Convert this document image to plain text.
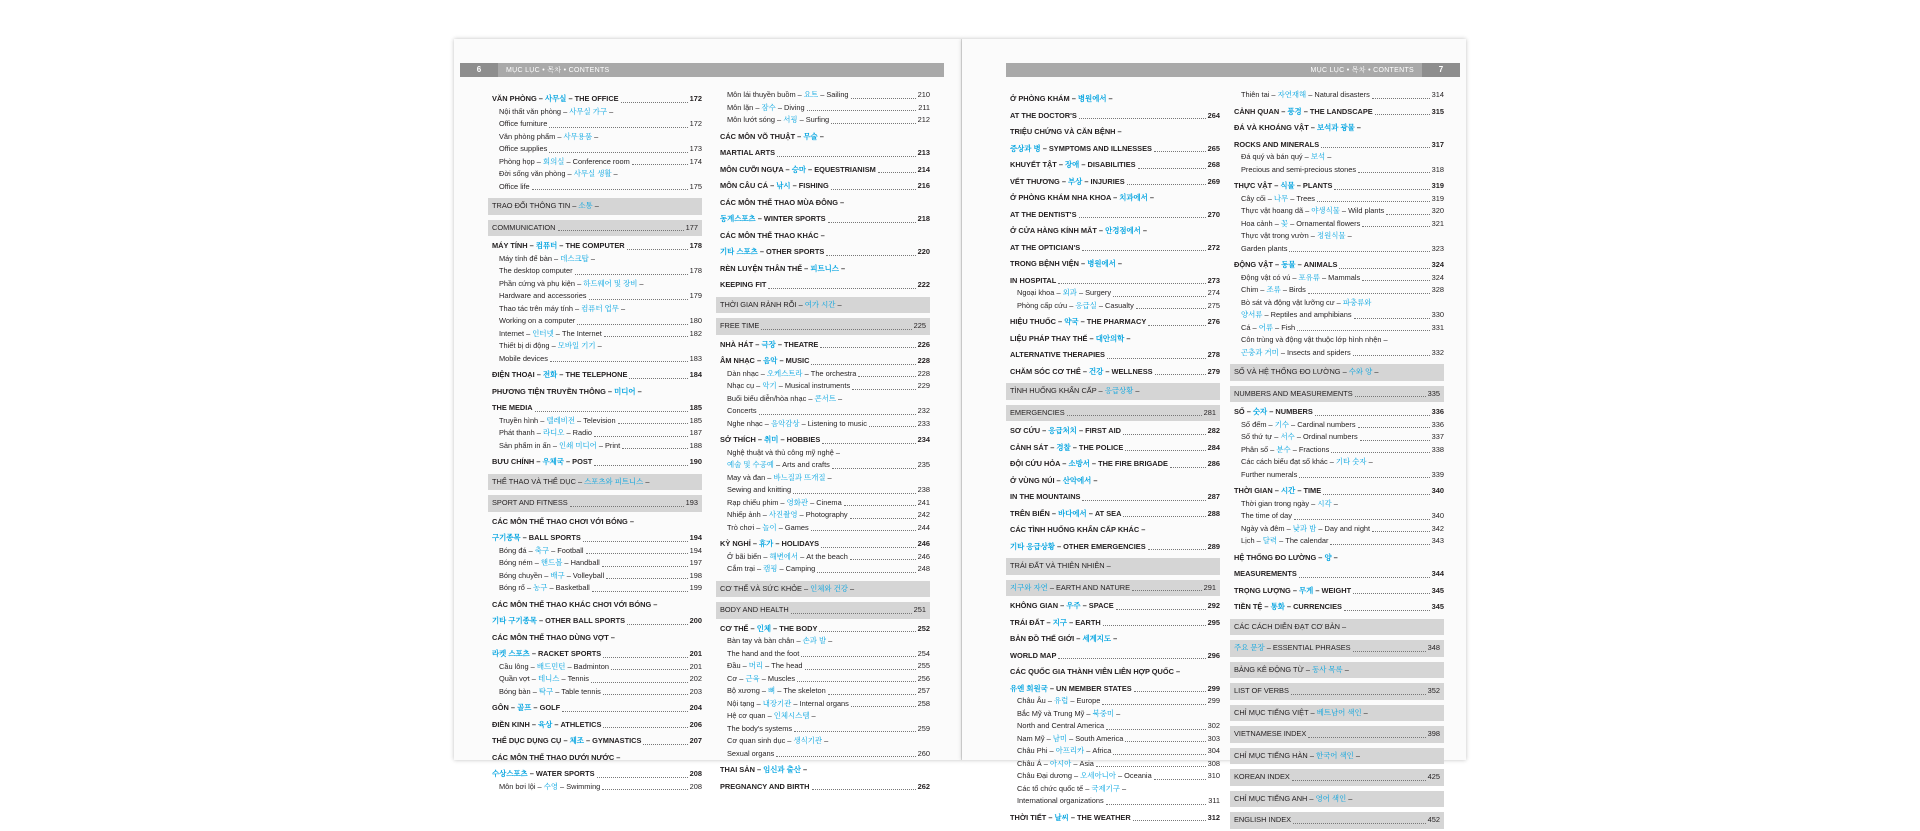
6	MỤC LỤC • 목차 • CONTENTS
VĂN PHÒNG – 사무실 – THE OFFICE	172
Nội thất văn phòng – 사무실 가구 –
Office furniture	172
Văn phòng phẩm – 사무용품 –
Office supplies	173
Phòng họp – 회의실 – Conference room	174
Đời sống văn phòng – 사무실 생활 –
Office life	175
TRAO ĐỔI THÔNG TIN – 소통 –
COMMUNICATION	177
MÁY TÍNH – 컴퓨터 – THE COMPUTER	178
Máy tính để bàn – 데스크탑 –
The desktop computer	178
Phần cứng và phụ kiện – 하드웨어 및 장비 –
Hardware and accessories	179
Thao tác trên máy tính – 컴퓨터 업무 –
Working on a computer	180
Internet – 인터넷 – The Internet	182
Thiết bị di động – 모바일 기기 –
Mobile devices	183
ĐIỆN THOẠI – 전화 – THE TELEPHONE	184
PHƯƠNG TIỆN TRUYỀN THÔNG – 미디어 –
THE MEDIA	185
Truyền hình – 텔레비전 – Television	185
Phát thanh – 라디오 – Radio	187
Sản phẩm in ấn – 인쇄 미디어 – Print	188
BƯU CHÍNH – 우체국 – POST	190
THỂ THAO VÀ THỂ DỤC – 스포츠와 피트니스 –
SPORT AND FITNESS	193
CÁC MÔN THỂ THAO CHƠI VỚI BÓNG –
구기종목 – BALL SPORTS	194
Bóng đá – 축구 – Football	194
Bóng ném – 핸드볼 – Handball	197
Bóng chuyền – 배구 – Volleyball	198
Bóng rổ – 농구 – Basketball	199
CÁC MÔN THỂ THAO KHÁC CHƠI VỚI BÓNG –
기타 구기종목 – OTHER BALL SPORTS	200
CÁC MÔN THỂ THAO DÙNG VỢT –
라켓 스포츠 – RACKET SPORTS	201
Cầu lông – 배드민턴 – Badminton	201
Quần vợt – 테니스 – Tennis	202
Bóng bàn – 탁구 – Table tennis	203
GÔN – 골프 – GOLF	204
ĐIỀN KINH – 육상 – ATHLETICS	206
THỂ DỤC DỤNG CỤ – 체조 – GYMNASTICS	207
CÁC MÔN THỂ THAO DƯỚI NƯỚC –
수상스포츠 – WATER SPORTS	208
Môn bơi lội – 수영 – Swimming	208
Môn lái thuyền buồm – 요트 – Sailing	210
Môn lặn – 잠수 – Diving	211
Môn lướt sóng – 서핑 – Surfing	212
CÁC MÔN VÕ THUẬT – 무술 –
MARTIAL ARTS	213
MÔN CƯỠI NGỰA – 승마 – EQUESTRIANISM	214
MÔN CÂU CÁ – 낚시 – FISHING	216
CÁC MÔN THỂ THAO MÙA ĐÔNG –
동계스포츠 – WINTER SPORTS	218
CÁC MÔN THỂ THAO KHÁC –
기타 스포츠 – OTHER SPORTS	220
RÈN LUYỆN THÂN THỂ – 피트니스 –
KEEPING FIT	222
THỜI GIAN RẢNH RỖI – 여가 시간 –
FREE TIME	225
NHÀ HÁT – 극장 – THEATRE	226
ÂM NHẠC – 음악 – MUSIC	228
Dàn nhạc – 오케스트라 – The orchestra	228
Nhạc cụ – 악기 – Musical instruments	229
Buổi biểu diễn/hòa nhạc – 콘서트 –
Concerts	232
Nghe nhạc – 음악감상 – Listening to music	233
SỞ THÍCH – 취미 – HOBBIES	234
Nghệ thuật và thủ công mỹ nghệ –
예술 및 수공예 – Arts and crafts	235
May và đan – 바느질과 뜨개질 –
Sewing and knitting	238
Rạp chiếu phim – 영화관 – Cinema	241
Nhiếp ảnh – 사진촬영 – Photography	242
Trò chơi – 놀이 – Games	244
KỲ NGHỈ – 휴가 – HOLIDAYS	246
Ở bãi biển – 해변에서 – At the beach	246
Cắm trại – 캠핑 – Camping	248
CƠ THỂ VÀ SỨC KHỎE – 인체와 건강 –
BODY AND HEALTH	251
CƠ THỂ – 인체 – THE BODY	252
Bàn tay và bàn chân – 손과 발 –
The hand and the foot	254
Đầu – 머리 – The head	255
Cơ – 근육 – Muscles	256
Bộ xương – 뼈 – The skeleton	257
Nội tạng – 내장기관 – Internal organs	258
Hệ cơ quan – 인체시스템 –
The body's systems	259
Cơ quan sinh dục – 생식기관 –
Sexual organs	260
THAI SẢN – 임신과 출산 –
PREGNANCY AND BIRTH	262
MỤC LỤC • 목차 • CONTENTS	7
Ở PHÒNG KHÁM – 병원에서 –
AT THE DOCTOR'S	264
TRIỆU CHỨNG VÀ CĂN BỆNH –
증상과 병 – SYMPTOMS AND ILLNESSES	265
KHUYẾT TẬT – 장애 – DISABILITIES	268
VẾT THƯƠNG – 부상 – INJURIES	269
Ở PHÒNG KHÁM NHA KHOA – 치과에서 –
AT THE DENTIST'S	270
Ở CỬA HÀNG KÍNH MẮT – 안경점에서 –
AT THE OPTICIAN'S	272
TRONG BỆNH VIỆN – 병원에서 –
IN HOSPITAL	273
Ngoại khoa – 외과 – Surgery	274
Phòng cấp cứu – 응급실 – Casualty	275
HIỆU THUỐC – 약국 – THE PHARMACY	276
LIỆU PHÁP THAY THẾ – 대안의학 –
ALTERNATIVE THERAPIES	278
CHĂM SÓC CƠ THỂ – 건강 – WELLNESS	279
TÌNH HUỐNG KHẨN CẤP – 응급상황 –
EMERGENCIES	281
SƠ CỨU – 응급처치 – FIRST AID	282
CẢNH SÁT – 경찰 – THE POLICE	284
ĐỘI CỨU HỎA – 소방서 – THE FIRE BRIGADE	286
Ở VÙNG NÚI – 산악에서 –
IN THE MOUNTAINS	287
TRÊN BIỂN – 바다에서 – AT SEA	288
CÁC TÌNH HUỐNG KHẨN CẤP KHÁC –
기타 응급상황 – OTHER EMERGENCIES	289
TRÁI ĐẤT VÀ THIÊN NHIÊN –
지구와 자연 – EARTH AND NATURE	291
KHÔNG GIAN – 우주 – SPACE	292
TRÁI ĐẤT – 지구 – EARTH	295
BẢN ĐỒ THẾ GIỚI – 세계지도 –
WORLD MAP	296
CÁC QUỐC GIA THÀNH VIÊN LIÊN HỢP QUỐC –
유엔 회원국 – UN MEMBER STATES	299
Châu Âu – 유럽 – Europe	299
Bắc Mỹ và Trung Mỹ – 북중미 –
North and Central America	302
Nam Mỹ – 남미 – South America	303
Châu Phi – 아프리카 – Africa	304
Châu Á – 아시아 – Asia	308
Châu Đại dương – 오세아니아 – Oceania	310
Các tổ chức quốc tế – 국제기구 –
International organizations	311
THỜI TIẾT – 날씨 – THE WEATHER	312
Thiên tai – 자연재해 – Natural disasters	314
CẢNH QUAN – 풍경 – THE LANDSCAPE	315
ĐÁ VÀ KHOÁNG VẬT – 보석과 광물 –
ROCKS AND MINERALS	317
Đá quý và bán quý – 보석 –
Precious and semi-precious stones	318
THỰC VẬT – 식물 – PLANTS	319
Cây cối – 나무 – Trees	319
Thực vật hoang dã – 야생식물 – Wild plants	320
Hoa cảnh – 꽃 – Ornamental flowers	321
Thực vật trong vườn – 정원식물 –
Garden plants	323
ĐỘNG VẬT – 동물 – ANIMALS	324
Động vật có vú – 포유류 – Mammals	324
Chim – 조류 – Birds	328
Bò sát và động vật lưỡng cư – 파충류와
양서류 – Reptiles and amphibians	330
Cá – 어류 – Fish	331
Côn trùng và động vật thuộc lớp hình nhện –
곤충과 거미 – Insects and spiders	332
SỐ VÀ HỆ THỐNG ĐO LƯỜNG – 수와 양 –
NUMBERS AND MEASUREMENTS	335
SỐ – 숫자 – NUMBERS	336
Số đếm – 기수 – Cardinal numbers	336
Số thứ tự – 서수 – Ordinal numbers	337
Phân số – 분수 – Fractions	338
Các cách biểu đạt số khác – 기타 숫자 –
Further numerals	339
THỜI GIAN – 시간 – TIME	340
Thời gian trong ngày – 시각 –
The time of day	340
Ngày và đêm – 낮과 밤 – Day and night	342
Lịch – 달력 – The calendar	343
HỆ THỐNG ĐO LƯỜNG – 양 –
MEASUREMENTS	344
TRỌNG LƯỢNG – 무게 – WEIGHT	345
TIỀN TỆ – 통화 – CURRENCIES	345
CÁC CÁCH DIỄN ĐẠT CƠ BẢN –
주요 문장 – ESSENTIAL PHRASES	348
BẢNG KÊ ĐỘNG TỪ – 동사 목록 –
LIST OF VERBS	352
CHỈ MỤC TIẾNG VIỆT – 베트남어 색인 –
VIETNAMESE INDEX	398
CHỈ MỤC TIẾNG HÀN – 한국어 색인 –
KOREAN INDEX	425
CHỈ MỤC TIẾNG ANH – 영어 색인 –
ENGLISH INDEX	452
